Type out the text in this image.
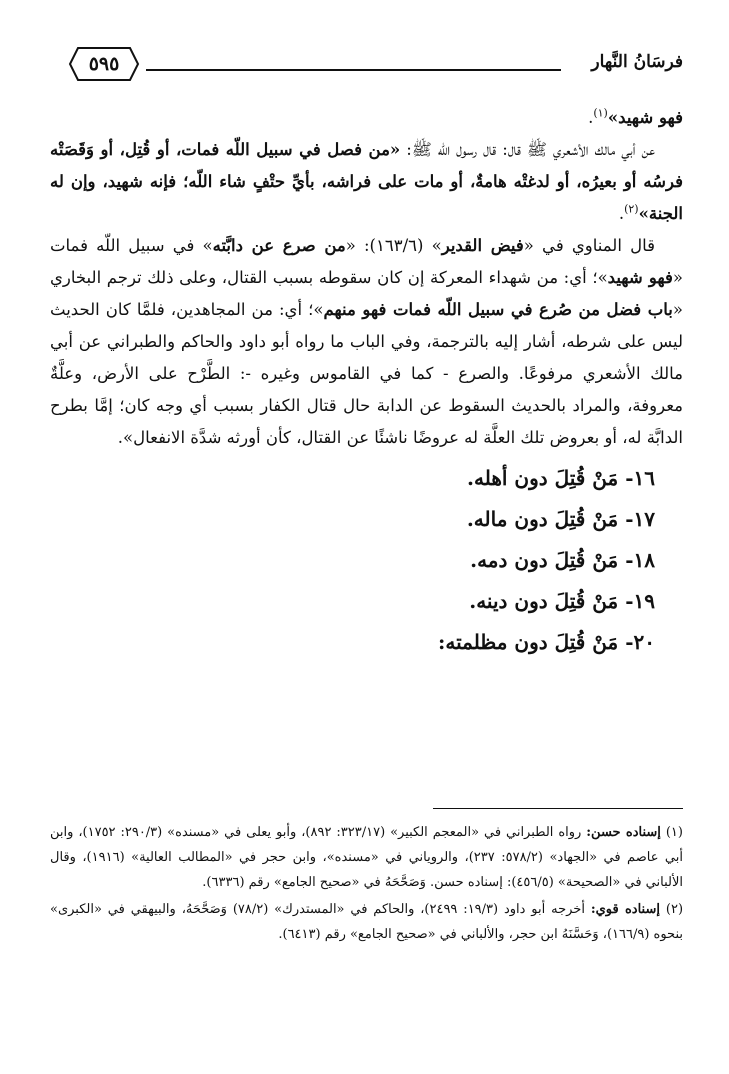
فرسَانُ النَّهار
٥٩٥

فهو شهيد»$^{(١)}$.

عن أبي مالك الأشعري ﷺ قال: قال رسول اللّه ﷺ: «من فصل في سبيل اللّه فمات، أو قُتِل، أو وَقَصَتْه فرسُه أو بعيرُه، أو لدغتْه هامةٌ، أو مات على فراشه، بأيِّ حتْفٍ شاء اللّه؛ فإنه شهيد، وإن له الجنة»$^{(٢)}$.

قال المناوي في «فيض القدير» (١٦٣/٦): «من صرع عن دابَّته» في سبيل اللّه فمات «فهو شهيد»؛ أي: من شهداء المعركة إن كان سقوطه بسبب القتال، وعلى ذلك ترجم البخاري «باب فضل من صُرع في سبيل اللّه فمات فهو منهم»؛ أي: من المجاهدين، فلمَّا كان الحديث ليس على شرطه، أشار إليه بالترجمة، وفي الباب ما رواه أبو داود والحاكم والطبراني عن أبي مالك الأشعري مرفوعًا. والصرع - كما في القاموس وغيره -: الطَّرْح على الأرض، وعلَّةٌ معروفة، والمراد بالحديث السقوط عن الدابة حال قتال الكفار بسبب أي وجه كان؛ إمَّا بطرح الدابَّة له، أو بعروض تلك العلَّة له عروضًا ناشئًا عن القتال، كأن أورثه شدَّة الانفعال».

١٦- مَنْ قُتِلَ دون أهله.
١٧- مَنْ قُتِلَ دون ماله.
١٨- مَنْ قُتِلَ دون دمه.
١٩- مَنْ قُتِلَ دون دينه.
٢٠- مَنْ قُتِلَ دون مظلمته:

(١) إسناده حسن: رواه الطبراني في «المعجم الكبير» (٣٢٣/١٧: ٨٩٢)، وأبو يعلى في «مسنده» (٢٩٠/٣: ١٧٥٢)، وابن أبي عاصم في «الجهاد» (٥٧٨/٢: ٢٣٧)، والروياني في «مسنده»، وابن حجر في «المطالب العالية» (١٩١٦)، وقال الألباني في «الصحيحة» (٤٥٦/٥): إسناده حسن. وَصَحَّحَهُ في «صحيح الجامع» رقم (٦٣٣٦).

(٢) إسناده قوي: أخرجه أبو داود (١٩/٣: ٢٤٩٩)، والحاكم في «المستدرك» (٧٨/٢) وَصَحَّحَهُ، والبيهقي في «الكبرى» بنحوه (١٦٦/٩)، وَحَسَّنَهُ ابن حجر، والألباني في «صحيح الجامع» رقم (٦٤١٣).
